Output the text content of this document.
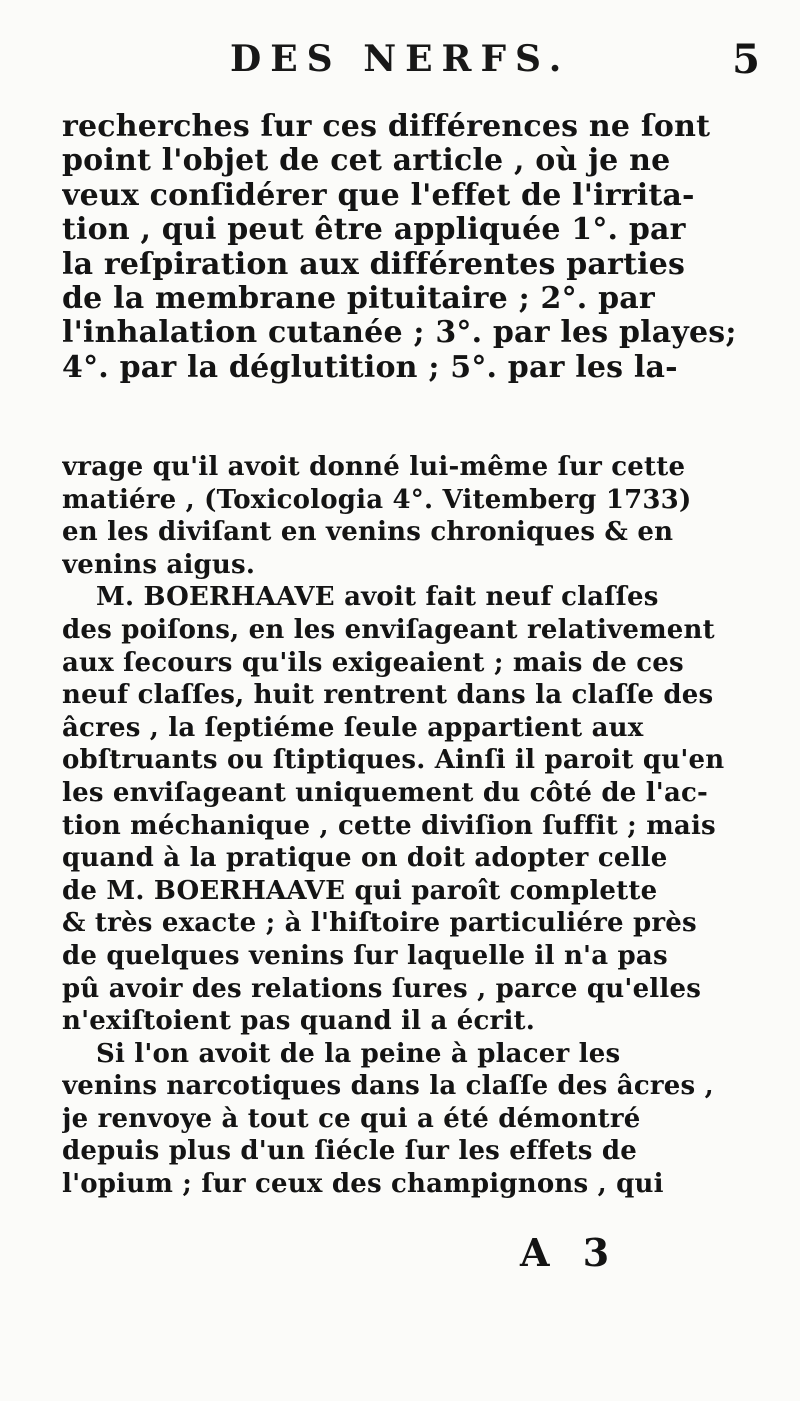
DES NERFS.	5
recherches ſur ces différences ne ſont
point l'objet de cet article , où je ne
veux conſidérer que l'effet de l'irrita-
tion , qui peut être appliquée 1°. par
la reſpiration aux différentes parties
de la membrane pituitaire ; 2°. par
l'inhalation cutanée ; 3°. par les playes;
4°. par la déglutition ; 5°. par les la-
vrage qu'il avoit donné lui-même ſur cette
matiére , (Toxicologia 4°. Vitemberg 1733)
en les diviſant en venins chroniques & en
venins aigus.
M. BOERHAAVE avoit fait neuf claſſes
des poiſons, en les enviſageant relativement
aux ſecours qu'ils exigeaient ; mais de ces
neuf claſſes, huit rentrent dans la claſſe des
âcres , la ſeptiéme ſeule appartient aux
obſtruants ou ſtiptiques. Ainſi il paroit qu'en
les enviſageant uniquement du côté de l'ac-
tion méchanique , cette diviſion ſuffit ; mais
quand à la pratique on doit adopter celle
de M. BOERHAAVE qui paroît complette
& très exacte ; à l'hiſtoire particuliére près
de quelques venins ſur laquelle il n'a pas
pû avoir des relations ſures , parce qu'elles
n'exiſtoient pas quand il a écrit.
Si l'on avoit de la peine à placer les
venins narcotiques dans la claſſe des âcres ,
je renvoye à tout ce qui a été démontré
depuis plus d'un ſiécle ſur les effets de
l'opium ; ſur ceux des champignons , qui
A 3
